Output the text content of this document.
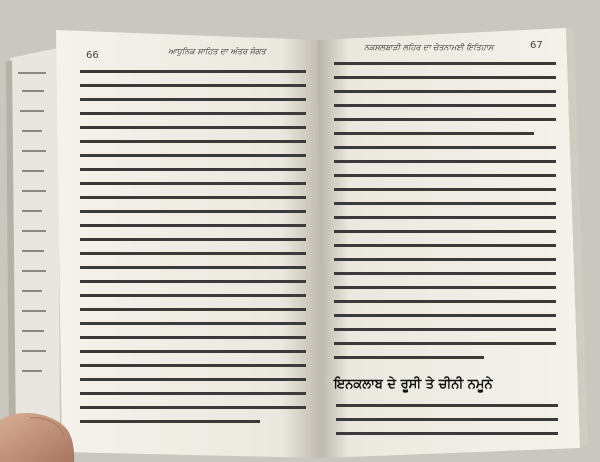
66	ਆਧੁਨਿਕ ਸਾਹਿਤ ਦਾ ਅੰਤਰ ਸੰਗਤ	ਨਕਸਲਬਾੜੀ ਲਹਿਰ ਦਾ ਚੇਤਨਾਮਈ ਇਤਿਹਾਸ	67
ਇਨਕਲਾਬ ਦੇ ਰੂਸੀ ਤੇ ਚੀਨੀ ਨਮੂਨੇ
